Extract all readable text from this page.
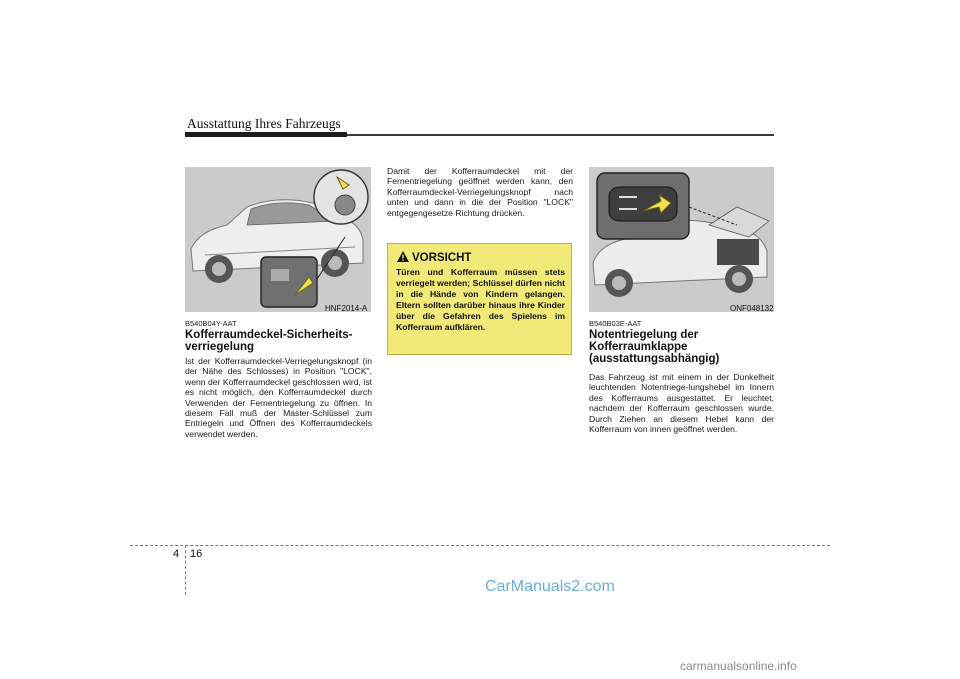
Ausstattung Ihres Fahrzeugs
HNF2014-A
B540B04Y-AAT
Kofferraumdeckel-Sicherheits-verriegelung
Ist der Kofferraumdeckel-Verriegelungsknopf (in der Nähe des Schlosses) in Position "LOCK", wenn der Kofferraumdeckel geschlossen wird, ist es nicht möglich, den Kofferraumdeckel durch Verwenden der Fernentriegelung zu öffnen. In diesem Fall muß der Master-Schlüssel zum Entriegeln und Öffnen des Kofferraumdeckels verwendet werden.
Damit der Kofferraumdeckel mit der Fernentriegelung geöffnet werden kann, den Kofferraumdeckel-Verriegelungsknopf nach unten und dann in die der Position "LOCK" entgegengesetze Richtung drücken.
VORSICHT
Türen und Kofferraum müssen stets verriegelt werden; Schlüssel dürfen nicht in die Hände von Kindern gelangen. Eltern sollten darüber hinaus ihre Kinder über die Gefahren des Spielens im Kofferraum aufklären.
ONF048132
B540B03E-AAT
Notentriegelung der Kofferraumklappe (ausstattungsabhängig)
Das Fahrzeug ist mit einem in der Dunkelheit leuchtenden Notentriege-lungshebel im Innern des Kofferraums ausgestattet. Er leuchtet, nachdem der Kofferraum geschlossen wurde. Durch Ziehen an diesem Hebel kann der Kofferraum von innen geöffnet werden.
4 16
CarManuals2.com
carmanualsonline.info
